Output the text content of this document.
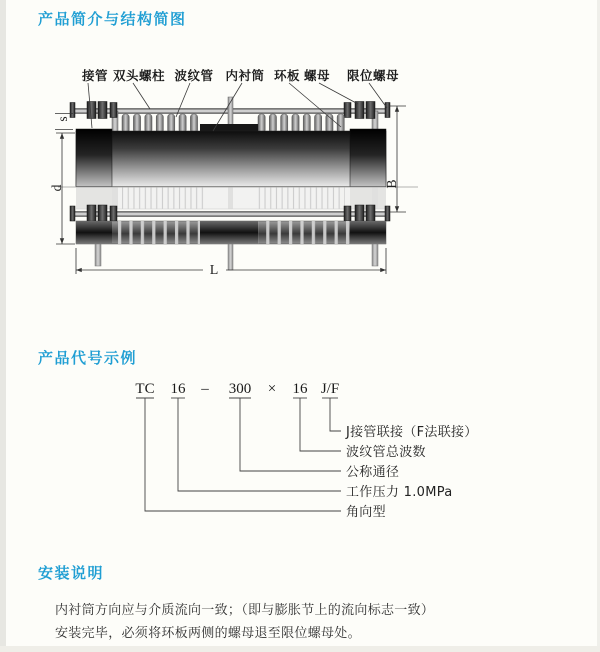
产品简介与结构简图
产品代号示例
安装说明
内衬筒方向应与介质流向一致；（即与膨胀节上的流向标志一致）
安装完毕，必须将环板两侧的螺母退至限位螺母处。
s
d	B
L
接管 双头螺柱 波纹管 内衬筒 环板 螺母 限位螺母
TC 16 – 300 × 16 J/F
J接管联接（F法联接）
波纹管总波数
公称通径
工作压力 1.0MPa
角向型
